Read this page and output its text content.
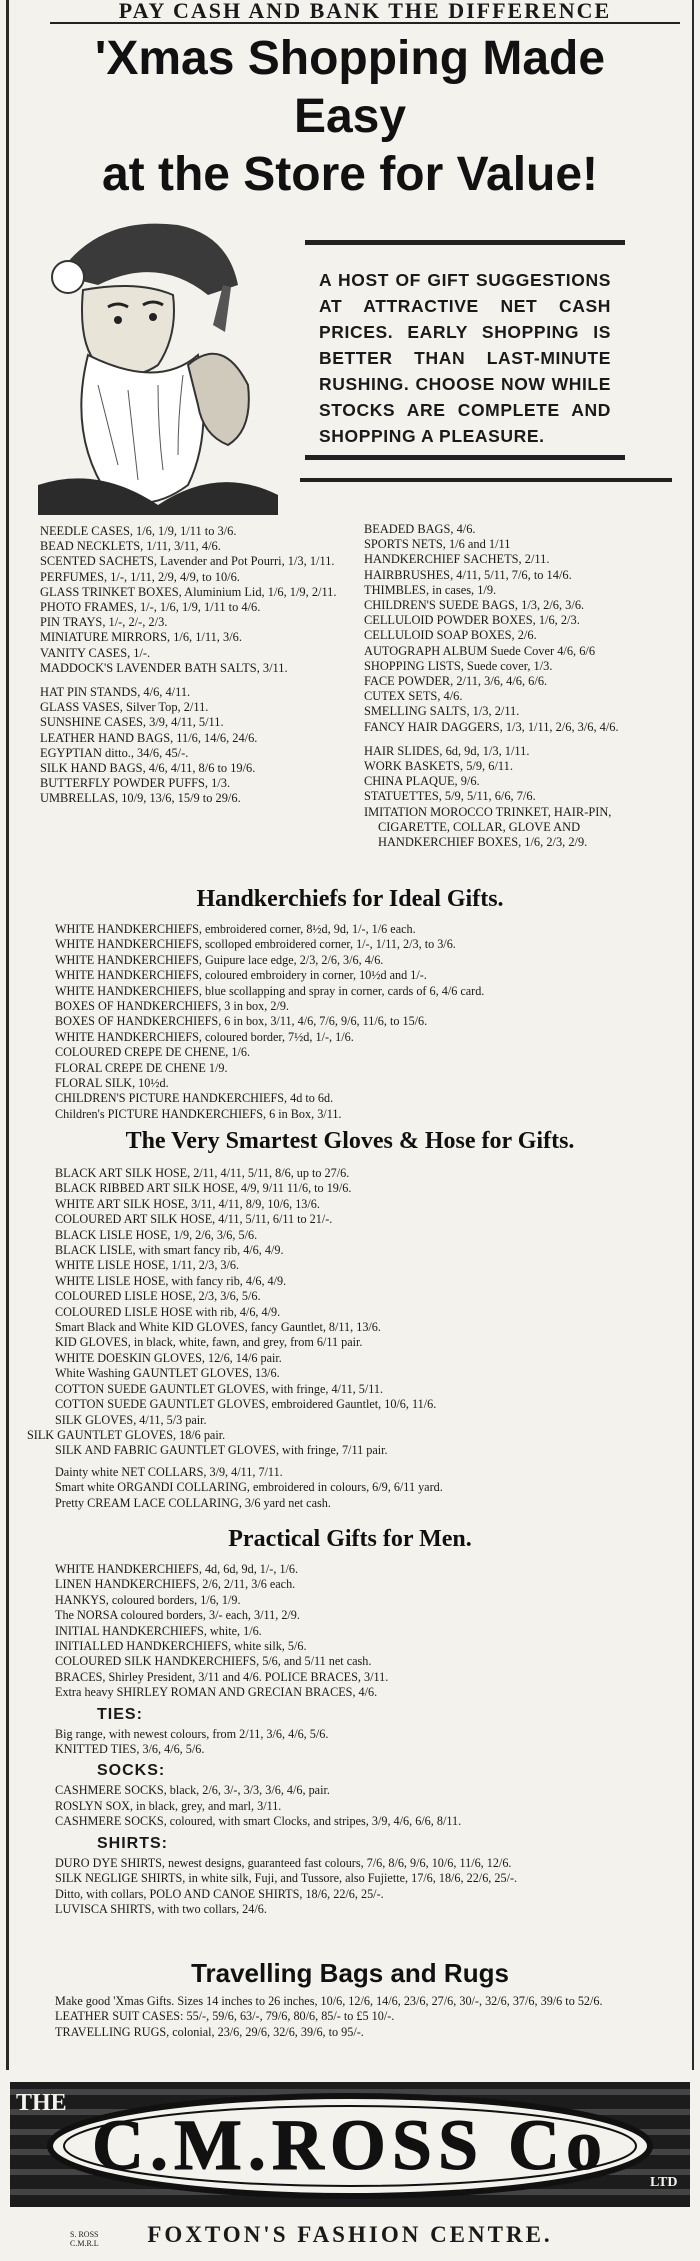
PAY CASH AND BANK THE DIFFERENCE
'Xmas Shopping Made
Easy
at the Store for Value!
A HOST OF GIFT SUGGESTIONS AT ATTRACTIVE NET CASH PRICES. EARLY SHOPPING IS BETTER THAN LAST-MINUTE RUSHING. CHOOSE NOW WHILE STOCKS ARE COMPLETE AND SHOPPING A PLEASURE.
NEEDLE CASES, 1/6, 1/9, 1/11 to 3/6.
BEAD NECKLETS, 1/11, 3/11, 4/6.
SCENTED SACHETS, Lavender and Pot Pourri, 1/3, 1/11.
PERFUMES, 1/-, 1/11, 2/9, 4/9, to 10/6.
GLASS TRINKET BOXES, Aluminium Lid, 1/6, 1/9, 2/11.
PHOTO FRAMES, 1/-, 1/6, 1/9, 1/11 to 4/6.
PIN TRAYS, 1/-, 2/-, 2/3.
MINIATURE MIRRORS, 1/6, 1/11, 3/6.
VANITY CASES, 1/-.
MADDOCK'S LAVENDER BATH SALTS, 3/11.
HAT PIN STANDS, 4/6, 4/11.
GLASS VASES, Silver Top, 2/11.
SUNSHINE CASES, 3/9, 4/11, 5/11.
LEATHER HAND BAGS, 11/6, 14/6, 24/6.
EGYPTIAN ditto., 34/6, 45/-.
SILK HAND BAGS, 4/6, 4/11, 8/6 to 19/6.
BUTTERFLY POWDER PUFFS, 1/3.
UMBRELLAS, 10/9, 13/6, 15/9 to 29/6.
BEADED BAGS, 4/6.
SPORTS NETS, 1/6 and 1/11
HANDKERCHIEF SACHETS, 2/11.
HAIRBRUSHES, 4/11, 5/11, 7/6, to 14/6.
THIMBLES, in cases, 1/9.
CHILDREN'S SUEDE BAGS, 1/3, 2/6, 3/6.
CELLULOID POWDER BOXES, 1/6, 2/3.
CELLULOID SOAP BOXES, 2/6.
AUTOGRAPH ALBUM Suede Cover 4/6, 6/6
SHOPPING LISTS, Suede cover, 1/3.
FACE POWDER, 2/11, 3/6, 4/6, 6/6.
CUTEX SETS, 4/6.
SMELLING SALTS, 1/3, 2/11.
FANCY HAIR DAGGERS, 1/3, 1/11, 2/6, 3/6, 4/6.
HAIR SLIDES, 6d, 9d, 1/3, 1/11.
WORK BASKETS, 5/9, 6/11.
CHINA PLAQUE, 9/6.
STATUETTES, 5/9, 5/11, 6/6, 7/6.
IMITATION MOROCCO TRINKET, HAIR-PIN, CIGARETTE, COLLAR, GLOVE AND HANDKERCHIEF BOXES, 1/6, 2/3, 2/9.
Handkerchiefs for Ideal Gifts.
WHITE HANDKERCHIEFS, embroidered corner, 8½d, 9d, 1/-, 1/6 each.
WHITE HANDKERCHIEFS, scolloped embroidered corner, 1/-, 1/11, 2/3, to 3/6.
WHITE HANDKERCHIEFS, Guipure lace edge, 2/3, 2/6, 3/6, 4/6.
WHITE HANDKERCHIEFS, coloured embroidery in corner, 10½d and 1/-.
WHITE HANDKERCHIEFS, blue scollapping and spray in corner, cards of 6, 4/6 card.
BOXES OF HANDKERCHIEFS, 3 in box, 2/9.
BOXES OF HANDKERCHIEFS, 6 in box, 3/11, 4/6, 7/6, 9/6, 11/6, to 15/6.
WHITE HANDKERCHIEFS, coloured border, 7½d, 1/-, 1/6.
COLOURED CREPE DE CHENE, 1/6.
FLORAL CREPE DE CHENE 1/9.
FLORAL SILK, 10½d.
CHILDREN'S PICTURE HANDKERCHIEFS, 4d to 6d.
Children's PICTURE HANDKERCHIEFS, 6 in Box, 3/11.
The Very Smartest Gloves & Hose for Gifts.
BLACK ART SILK HOSE, 2/11, 4/11, 5/11, 8/6, up to 27/6.
BLACK RIBBED ART SILK HOSE, 4/9, 9/11 11/6, to 19/6.
WHITE ART SILK HOSE, 3/11, 4/11, 8/9, 10/6, 13/6.
COLOURED ART SILK HOSE, 4/11, 5/11, 6/11 to 21/-.
BLACK LISLE HOSE, 1/9, 2/6, 3/6, 5/6.
BLACK LISLE, with smart fancy rib, 4/6, 4/9.
WHITE LISLE HOSE, 1/11, 2/3, 3/6.
WHITE LISLE HOSE, with fancy rib, 4/6, 4/9.
COLOURED LISLE HOSE, 2/3, 3/6, 5/6.
COLOURED LISLE HOSE with rib, 4/6, 4/9.
Smart Black and White KID GLOVES, fancy Gauntlet, 8/11, 13/6.
KID GLOVES, in black, white, fawn, and grey, from 6/11 pair.
WHITE DOESKIN GLOVES, 12/6, 14/6 pair.
White Washing GAUNTLET GLOVES, 13/6.
COTTON SUEDE GAUNTLET GLOVES, with fringe, 4/11, 5/11.
COTTON SUEDE GAUNTLET GLOVES, embroidered Gauntlet, 10/6, 11/6.
SILK GLOVES, 4/11, 5/3 pair.
SILK GAUNTLET GLOVES, 18/6 pair.
SILK AND FABRIC GAUNTLET GLOVES, with fringe, 7/11 pair.
Dainty white NET COLLARS, 3/9, 4/11, 7/11.
Smart white ORGANDI COLLARING, embroidered in colours, 6/9, 6/11 yard.
Pretty CREAM LACE COLLARING, 3/6 yard net cash.
Practical Gifts for Men.
WHITE HANDKERCHIEFS, 4d, 6d, 9d, 1/-, 1/6.
LINEN HANDKERCHIEFS, 2/6, 2/11, 3/6 each.
HANKYS, coloured borders, 1/6, 1/9.
The NORSA coloured borders, 3/- each, 3/11, 2/9.
INITIAL HANDKERCHIEFS, white, 1/6.
INITIALLED HANDKERCHIEFS, white silk, 5/6.
COLOURED SILK HANDKERCHIEFS, 5/6, and 5/11 net cash.
BRACES, Shirley President, 3/11 and 4/6. POLICE BRACES, 3/11.
Extra heavy SHIRLEY ROMAN AND GRECIAN BRACES, 4/6.
TIES:
Big range, with newest colours, from 2/11, 3/6, 4/6, 5/6.
KNITTED TIES, 3/6, 4/6, 5/6.
SOCKS:
CASHMERE SOCKS, black, 2/6, 3/-, 3/3, 3/6, 4/6, pair.
ROSLYN SOX, in black, grey, and marl, 3/11.
CASHMERE SOCKS, coloured, with smart Clocks, and stripes, 3/9, 4/6, 6/6, 8/11.
SHIRTS:
DURO DYE SHIRTS, newest designs, guaranteed fast colours, 7/6, 8/6, 9/6, 10/6, 11/6, 12/6.
SILK NEGLIGE SHIRTS, in white silk, Fuji, and Tussore, also Fujiette, 17/6, 18/6, 22/6, 25/-.
Ditto, with collars, POLO AND CANOE SHIRTS, 18/6, 22/6, 25/-.
LUVISCA SHIRTS, with two collars, 24/6.
Travelling Bags and Rugs
Make good 'Xmas Gifts. Sizes 14 inches to 26 inches, 10/6, 12/6, 14/6, 23/6, 27/6, 30/-, 32/6, 37/6, 39/6 to 52/6.
LEATHER SUIT CASES: 55/-, 59/6, 63/-, 79/6, 80/6, 85/- to £5 10/-.
TRAVELLING RUGS, colonial, 23/6, 29/6, 32/6, 39/6, to 95/-.
THE
C.M.ROSS Co	LTD
S. ROSS
C.M.R.L	FOXTON'S FASHION CENTRE.
